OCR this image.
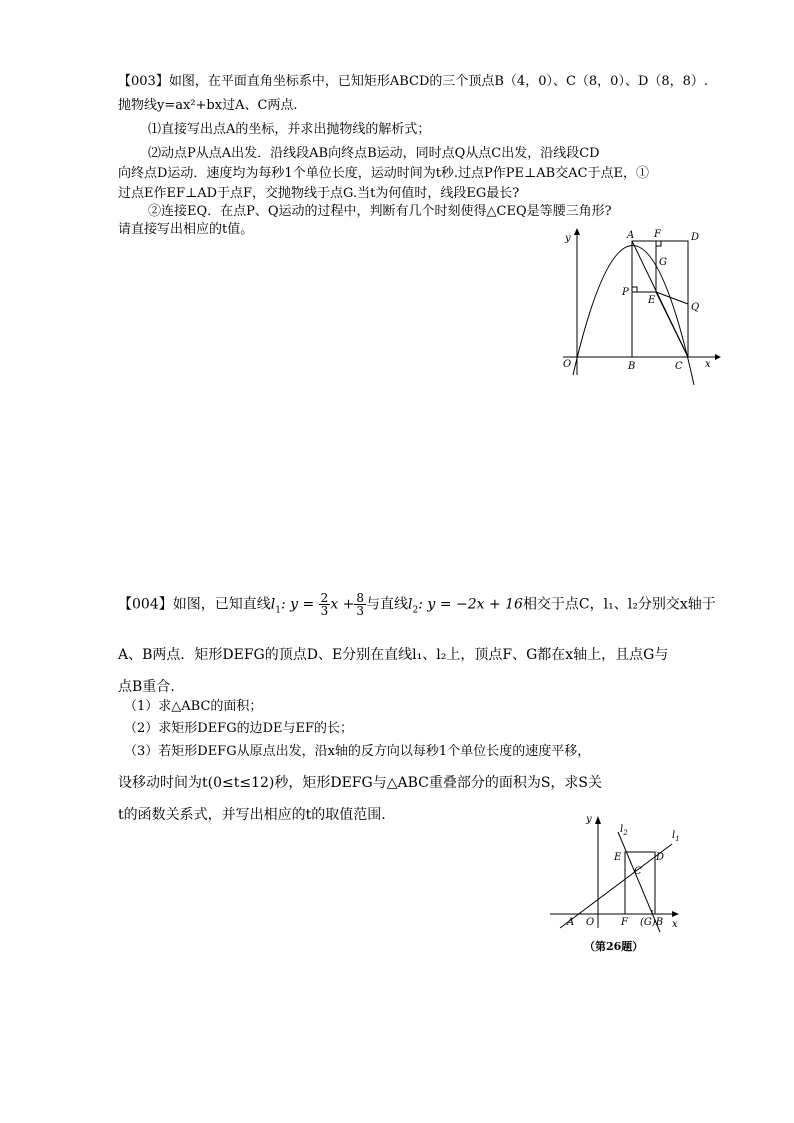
【003】如图，在平面直角坐标系中，已知矩形ABCD的三个顶点B（4，0）、C（8，0）、D（8，8）.
抛物线y=ax²+bx过A、C两点.
⑴直接写出点A的坐标，并求出抛物线的解析式；
⑵动点P从点A出发．沿线段AB向终点B运动，同时点Q从点C出发，沿线段CD
向终点D运动．速度均为每秒1个单位长度，运动时间为t秒.过点P作PE⊥AB交AC于点E，①
过点E作EF⊥AD于点F，交抛物线于点G.当t为何值时，线段EG最长?
②连接EQ．在点P、Q运动的过程中，判断有几个时刻使得△CEQ是等腰三角形?
请直接写出相应的t值。
y	A F	D
G
P
E
Q
O	B	C x
【004】如图，已知直线$l_1$: $y = \frac{2}{3}$ $x + \frac{8}{3}$ 与直线$l_2$: y = −2x + 16相交于点C，l₁、l₂分别交x轴于
A、B两点．矩形DEFG的顶点D、E分别在直线l₁、l₂上，顶点F、G都在x轴上，且点G与
点B重合.
（1）求△ABC的面积；
（2）求矩形DEFG的边DE与EF的长；
（3）若矩形DEFG从原点出发，沿x轴的反方向以每秒1个单位长度的速度平移，
设移动时间为t(0≤t≤12)秒，矩形DEFG与△ABC重叠部分的面积为S，求S关
t的函数关系式，并写出相应的t的取值范围.	y
$l_2$	$l_1$
E	D
C
A O	F (G)B x
（第26题）
